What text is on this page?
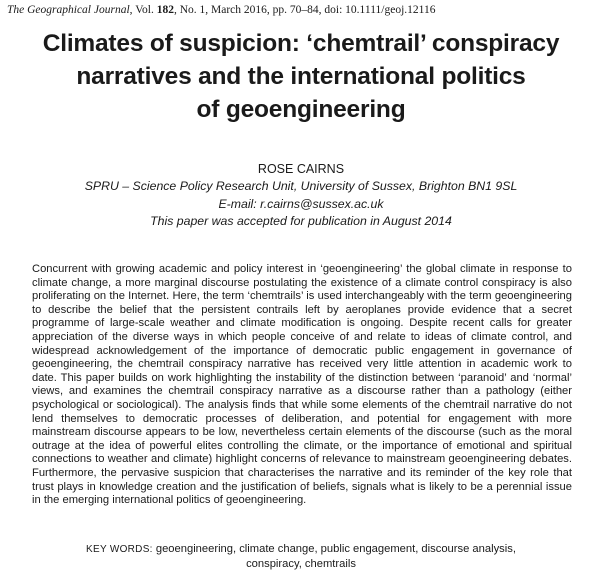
The Geographical Journal, Vol. 182, No. 1, March 2016, pp. 70–84, doi: 10.1111/geoj.12116
Climates of suspicion: ‘chemtrail’ conspiracy
narratives and the international politics
of geoengineering
ROSE CAIRNS
SPRU – Science Policy Research Unit, University of Sussex, Brighton BN1 9SL
E-mail: r.cairns@sussex.ac.uk
This paper was accepted for publication in August 2014

Concurrent with growing academic and policy interest in ‘geoengineering’ the global climate in response to climate change, a more marginal discourse postulating the existence of a climate control conspiracy is also proliferating on the Internet. Here, the term ‘chemtrails’ is used interchangeably with the term geoengineering to describe the belief that the persistent contrails left by aeroplanes provide evidence that a secret programme of large-scale weather and climate modification is ongoing. Despite recent calls for greater appreciation of the diverse ways in which people conceive of and relate to ideas of climate control, and widespread acknowledgement of the importance of democratic public engagement in governance of geoengineering, the chemtrail conspiracy narrative has received very little attention in academic work to date. This paper builds on work highlighting the instability of the distinction between ‘paranoid’ and ‘normal’ views, and examines the chemtrail conspiracy narrative as a discourse rather than a pathology (either psychological or sociological). The analysis finds that while some elements of the chemtrail narrative do not lend themselves to democratic processes of deliberation, and potential for engagement with more mainstream discourse appears to be low, nevertheless certain elements of the discourse (such as the moral outrage at the idea of powerful elites controlling the climate, or the importance of emotional and spiritual connections to weather and climate) highlight concerns of relevance to mainstream geoengineering debates. Furthermore, the pervasive suspicion that characterises the narrative and its reminder of the key role that trust plays in knowledge creation and the justification of beliefs, signals what is likely to be a perennial issue in the emerging international politics of geoengineering.

KEY WORDS: geoengineering, climate change, public engagement, discourse analysis,
conspiracy, chemtrails
